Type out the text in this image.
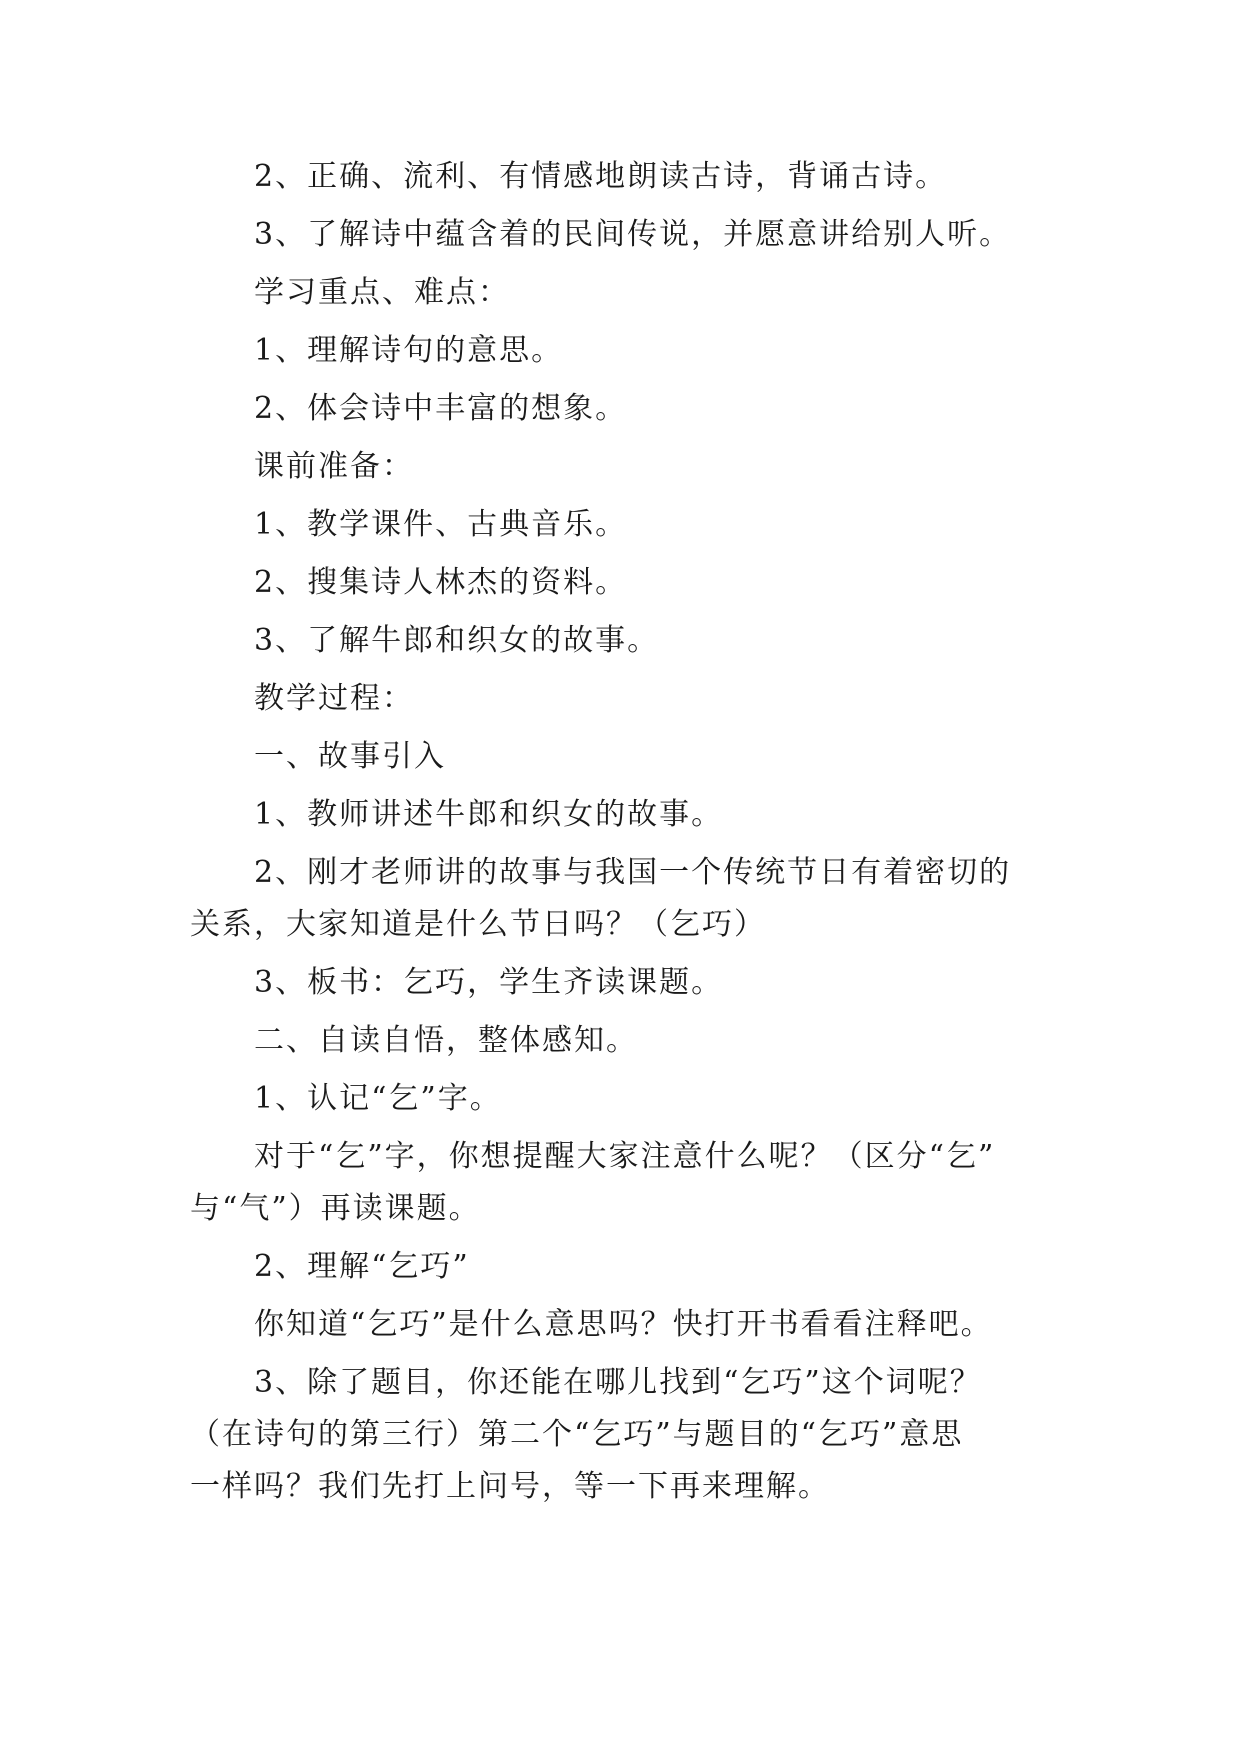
2、正确、流利、有情感地朗读古诗，背诵古诗。
3、了解诗中蕴含着的民间传说，并愿意讲给别人听。
学习重点、难点：
1、理解诗句的意思。
2、体会诗中丰富的想象。
课前准备：
1、教学课件、古典音乐。
2、搜集诗人林杰的资料。
3、了解牛郎和织女的故事。
教学过程：
一、故事引入
1、教师讲述牛郎和织女的故事。
2、刚才老师讲的故事与我国一个传统节日有着密切的
关系，大家知道是什么节日吗？（乞巧）
3、板书：乞巧，学生齐读课题。
二、自读自悟，整体感知。
1、认记“乞”字。
对于“乞”字，你想提醒大家注意什么呢？（区分“乞”
与“气”）再读课题。
2、理解“乞巧”
你知道“乞巧”是什么意思吗？快打开书看看注释吧。
3、除了题目，你还能在哪儿找到“乞巧”这个词呢？
（在诗句的第三行）第二个“乞巧”与题目的“乞巧”意思
一样吗？我们先打上问号，等一下再来理解。
